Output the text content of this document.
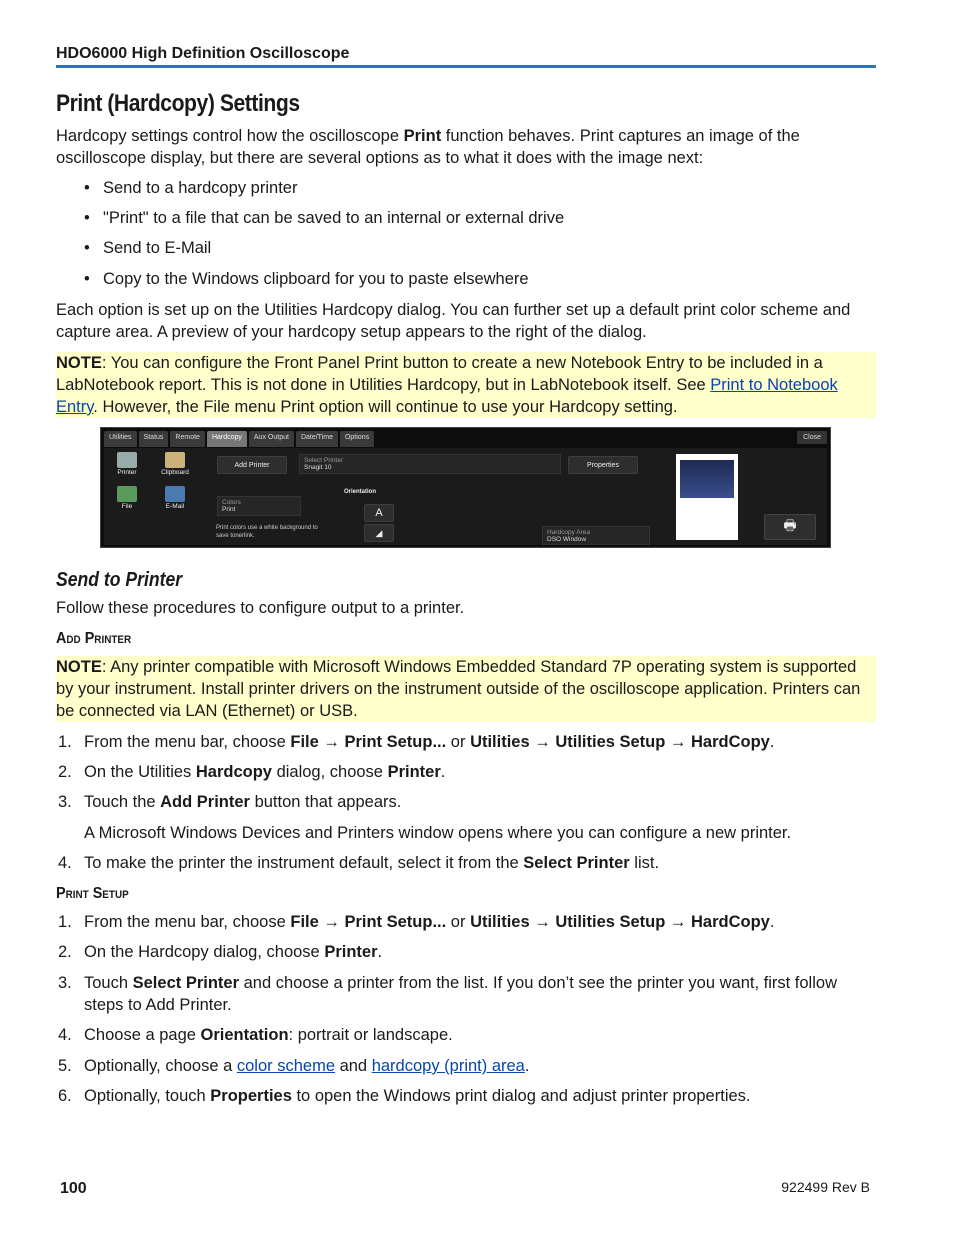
HDO6000 High Definition Oscilloscope
Print (Hardcopy) Settings
Hardcopy settings control how the oscilloscope Print function behaves. Print captures an image of the oscilloscope display, but there are several options as to what it does with the image next:
• Send to a hardcopy printer
• "Print" to a file that can be saved to an internal or external drive
• Send to E-Mail
• Copy to the Windows clipboard for you to paste elsewhere
Each option is set up on the Utilities Hardcopy dialog. You can further set up a default print color scheme and capture area. A preview of your hardcopy setup appears to the right of the dialog.
NOTE: You can configure the Front Panel Print button to create a new Notebook Entry to be included in a LabNotebook report. This is not done in Utilities Hardcopy, but in LabNotebook itself. See Print to Notebook Entry. However, the File menu Print option will continue to use your Hardcopy setting.
Utilities	Status	Remote	Hardcopy	Aux Output	Date/Time	Options	Close
Printer	Clipboard
File	E-Mail
Add Printer
Select Printer
Snagit 10	Properties
Colors
Print
Print colors use a white background to save tonerlink.
Orientation
A
◢	Hardcopy Area
DSO Window
🖶
Send to Printer
Follow these procedures to configure output to a printer.
Add Printer
NOTE: Any printer compatible with Microsoft Windows Embedded Standard 7P operating system is supported by your instrument. Install printer drivers on the instrument outside of the oscilloscope application. Printers can be connected via LAN (Ethernet) or USB.
1. From the menu bar, choose File → Print Setup... or Utilities → Utilities Setup → HardCopy.
2. On the Utilities Hardcopy dialog, choose Printer.
3. Touch the Add Printer button that appears.
A Microsoft Windows Devices and Printers window opens where you can configure a new printer.
4. To make the printer the instrument default, select it from the Select Printer list.
Print Setup
1. From the menu bar, choose File → Print Setup... or Utilities → Utilities Setup → HardCopy.
2. On the Hardcopy dialog, choose Printer.
3. Touch Select Printer and choose a printer from the list. If you don’t see the printer you want, first follow steps to Add Printer.
4. Choose a page Orientation: portrait or landscape.
5. Optionally, choose a color scheme and hardcopy (print) area.
6. Optionally, touch Properties to open the Windows print dialog and adjust printer properties.
100	922499 Rev B
